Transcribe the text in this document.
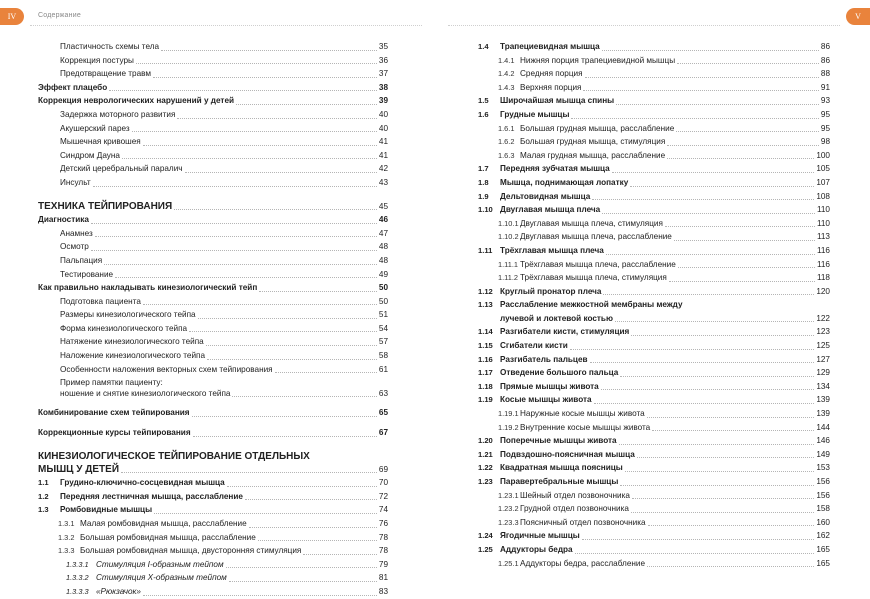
IV	Содержание
Пластичность схемы тела	35
Коррекция постуры	36
Предотвращение травм	37
Эффект плацебо	38
Коррекция неврологических нарушений у детей	39
Задержка моторного развития	40
Акушерский парез	40
Мышечная кривошея	41
Синдром Дауна	41
Детский церебральный паралич	42
Инсульт	43
ТЕХНИКА ТЕЙПИРОВАНИЯ	45
Диагностика	46
Анамнез	47
Осмотр	48
Пальпация	48
Тестирование	49
Как правильно накладывать кинезиологический тейп	50
Подготовка пациента	50
Размеры кинезиологического тейпа	51
Форма кинезиологического тейпа	54
Натяжение кинезиологического тейпа	57
Наложение кинезиологического тейпа	58
Особенности наложения векторных схем тейпирования	61
Пример памятки пациенту:
ношение и снятие кинезиологического тейпа	63
Комбинирование схем тейпирования	65
Коррекционные курсы тейпирования	67
КИНЕЗИОЛОГИЧЕСКОЕ ТЕЙПИРОВАНИЕ ОТДЕЛЬНЫХ
МЫШЦ У ДЕТЕЙ	69
1.1	Грудино-ключично-сосцевидная мышца	70
1.2	Передняя лестничная мышца, расслабление	72
1.3	Ромбовидные мышцы	74
1.3.1 Малая ромбовидная мышца, расслабление	76
1.3.2 Большая ромбовидная мышца, расслабление	78
1.3.3 Большая ромбовидная мышца, двусторонняя стимуляция	78
1.3.3.1 Стимуляция I-образным тейпом	79
1.3.3.2 Стимуляция X-образным тейпом	81
1.3.3.3 «Рюкзачок»	83
V
1.4	Трапециевидная мышца	86
1.4.1 Нижняя порция трапециевидной мышцы	86
1.4.2 Средняя порция	88
1.4.3 Верхняя порция	91
1.5	Широчайшая мышца спины	93
1.6	Грудные мышцы	95
1.6.1 Большая грудная мышца, расслабление	95
1.6.2 Большая грудная мышца, стимуляция	98
1.6.3 Малая грудная мышца, расслабление	100
1.7	Передняя зубчатая мышца	105
1.8	Мышца, поднимающая лопатку	107
1.9	Дельтовидная мышца	108
1.10 Двуглавая мышца плеча	110
1.10.1 Двуглавая мышца плеча, стимуляция	110
1.10.2 Двуглавая мышца плеча, расслабление	113
1.11 Трёхглавая мышца плеча	116
1.11.1 Трёхглавая мышца плеча, расслабление	116
1.11.2 Трёхглавая мышца плеча, стимуляция	118
1.12 Круглый пронатор плеча	120
1.13 Расслабление межкостной мембраны между
лучевой и локтевой костью	122
1.14 Разгибатели кисти, стимуляция	123
1.15 Сгибатели кисти	125
1.16 Разгибатель пальцев	127
1.17 Отведение большого пальца	129
1.18 Прямые мышцы живота	134
1.19 Косые мышцы живота	139
1.19.1 Наружные косые мышцы живота	139
1.19.2 Внутренние косые мышцы живота	144
1.20 Поперечные мышцы живота	146
1.21 Подвздошно-поясничная мышца	149
1.22 Квадратная мышца поясницы	153
1.23 Паравертебральные мышцы	156
1.23.1 Шейный отдел позвоночника	156
1.23.2 Грудной отдел позвоночника	158
1.23.3 Поясничный отдел позвоночника	160
1.24 Ягодичные мышцы	162
1.25 Аддукторы бедра	165
1.25.1 Аддукторы бедра, расслабление	165
